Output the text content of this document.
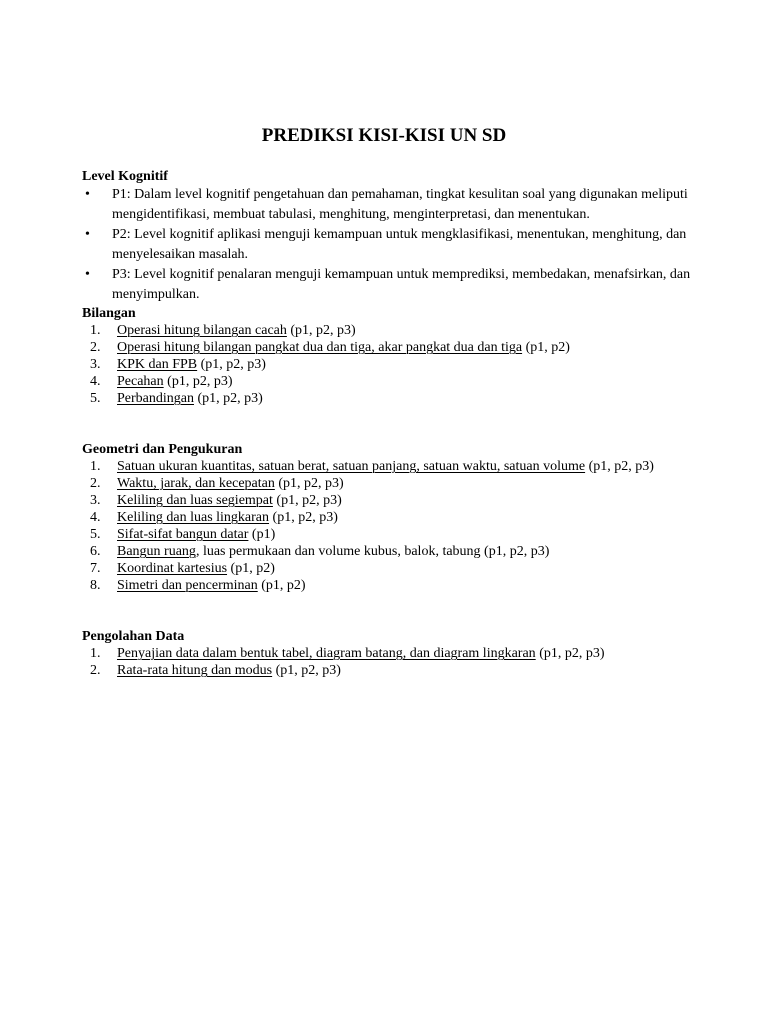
PREDIKSI KISI-KISI UN SD
Level Kognitif
• P1: Dalam level kognitif pengetahuan dan pemahaman, tingkat kesulitan soal yang digunakan meliputi mengidentifikasi, membuat tabulasi, menghitung, menginterpretasi, dan menentukan.
• P2: Level kognitif aplikasi menguji kemampuan untuk mengklasifikasi, menentukan, menghitung, dan menyelesaikan masalah.
• P3: Level kognitif penalaran menguji kemampuan untuk memprediksi, membedakan, menafsirkan, dan menyimpulkan.
Bilangan
1. Operasi hitung bilangan cacah (p1, p2, p3)
2. Operasi hitung bilangan pangkat dua dan tiga, akar pangkat dua dan tiga (p1, p2)
3. KPK dan FPB (p1, p2, p3)
4. Pecahan (p1, p2, p3)
5. Perbandingan (p1, p2, p3)
Geometri dan Pengukuran
1. Satuan ukuran kuantitas, satuan berat, satuan panjang, satuan waktu, satuan volume (p1, p2, p3)
2. Waktu, jarak, dan kecepatan (p1, p2, p3)
3. Keliling dan luas segiempat (p1, p2, p3)
4. Keliling dan luas lingkaran (p1, p2, p3)
5. Sifat-sifat bangun datar (p1)
6. Bangun ruang, luas permukaan dan volume kubus, balok, tabung (p1, p2, p3)
7. Koordinat kartesius (p1, p2)
8. Simetri dan pencerminan (p1, p2)
Pengolahan Data
1. Penyajian data dalam bentuk tabel, diagram batang, dan diagram lingkaran (p1, p2, p3)
2. Rata-rata hitung dan modus (p1, p2, p3)
